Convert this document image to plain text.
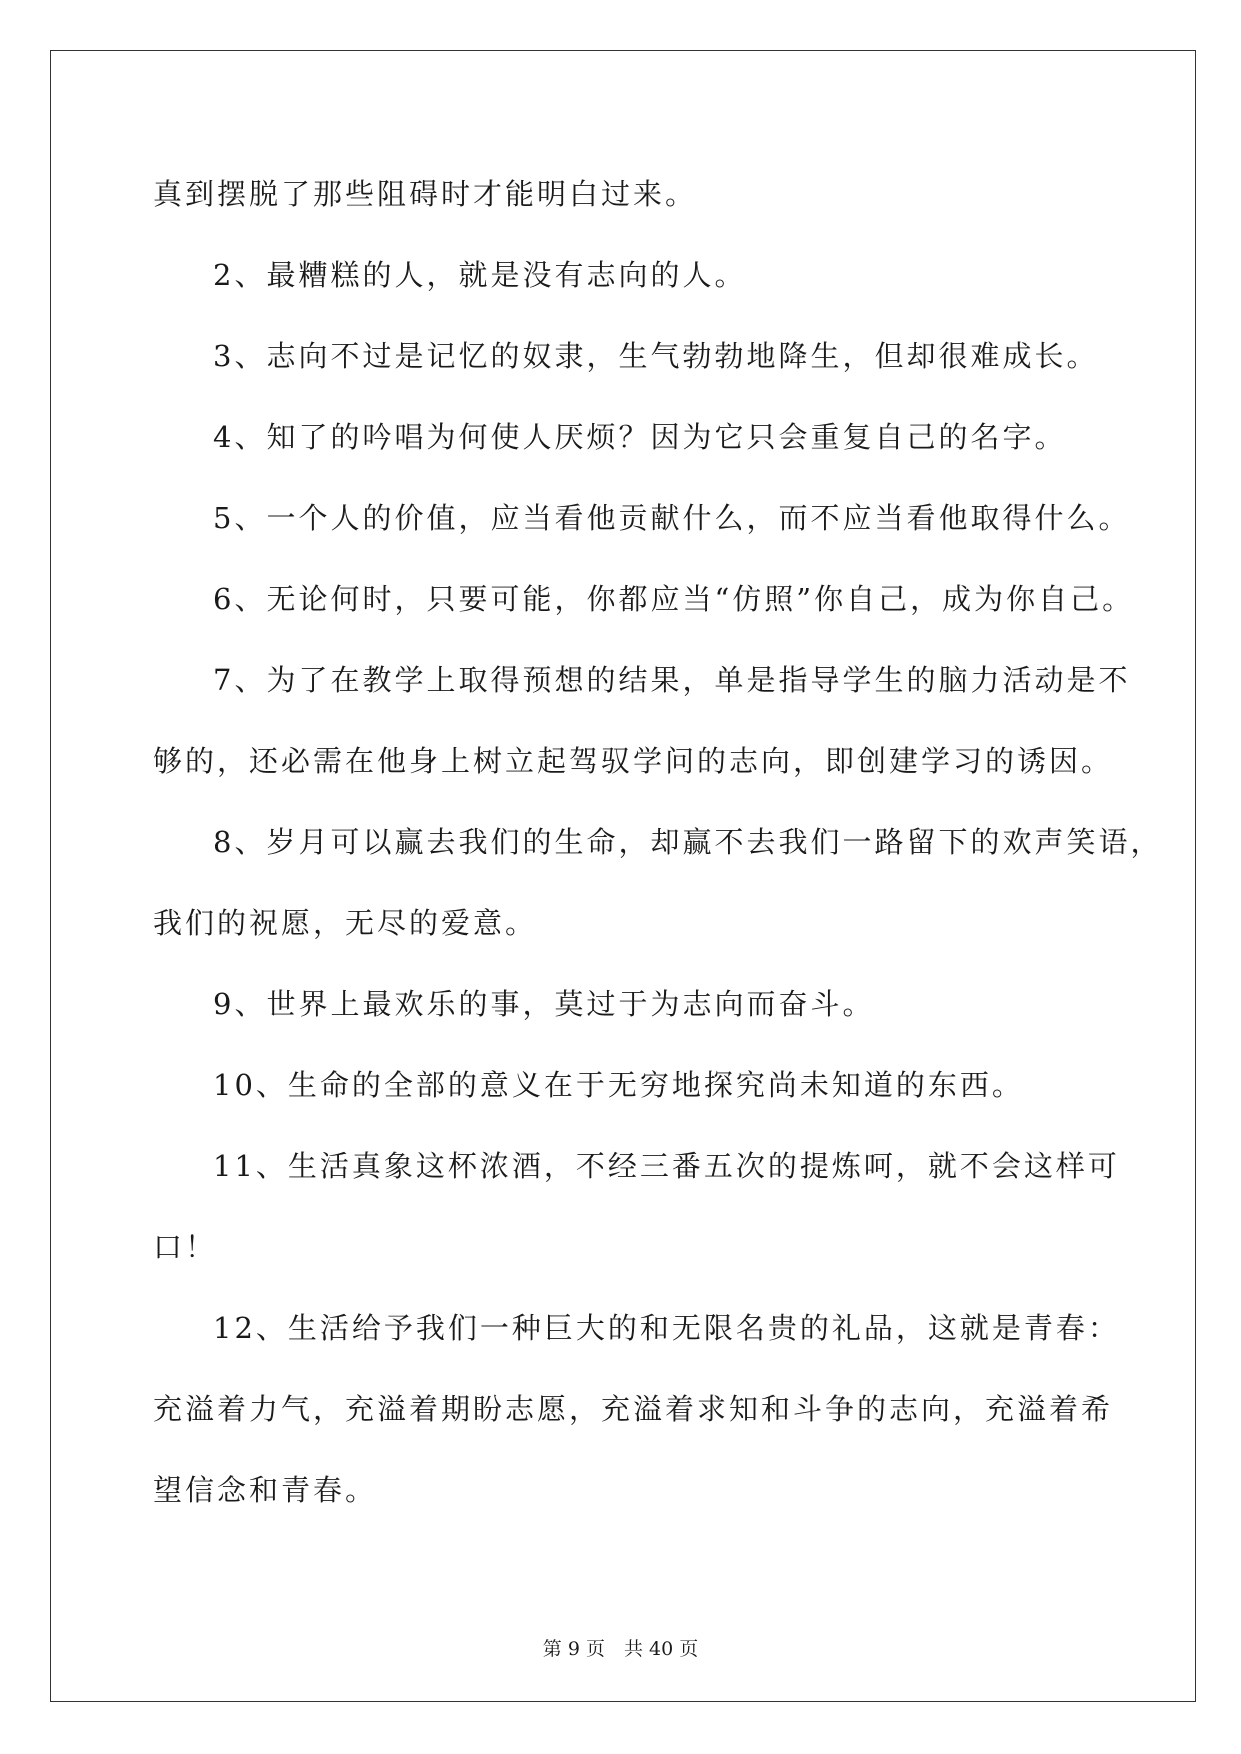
真到摆脱了那些阻碍时才能明白过来。
2、最糟糕的人，就是没有志向的人。
3、志向不过是记忆的奴隶，生气勃勃地降生，但却很难成长。
4、知了的吟唱为何使人厌烦？因为它只会重复自己的名字。
5、一个人的价值，应当看他贡献什么，而不应当看他取得什么。
6、无论何时，只要可能，你都应当“仿照”你自己，成为你自己。
7、为了在教学上取得预想的结果，单是指导学生的脑力活动是不
够的，还必需在他身上树立起驾驭学问的志向，即创建学习的诱因。
8、岁月可以赢去我们的生命，却赢不去我们一路留下的欢声笑语，
我们的祝愿，无尽的爱意。
9、世界上最欢乐的事，莫过于为志向而奋斗。
10、生命的全部的意义在于无穷地探究尚未知道的东西。
11、生活真象这杯浓酒，不经三番五次的提炼呵，就不会这样可
口！
12、生活给予我们一种巨大的和无限名贵的礼品，这就是青春：
充溢着力气，充溢着期盼志愿，充溢着求知和斗争的志向，充溢着希
望信念和青春。
第 9 页　共 40 页
